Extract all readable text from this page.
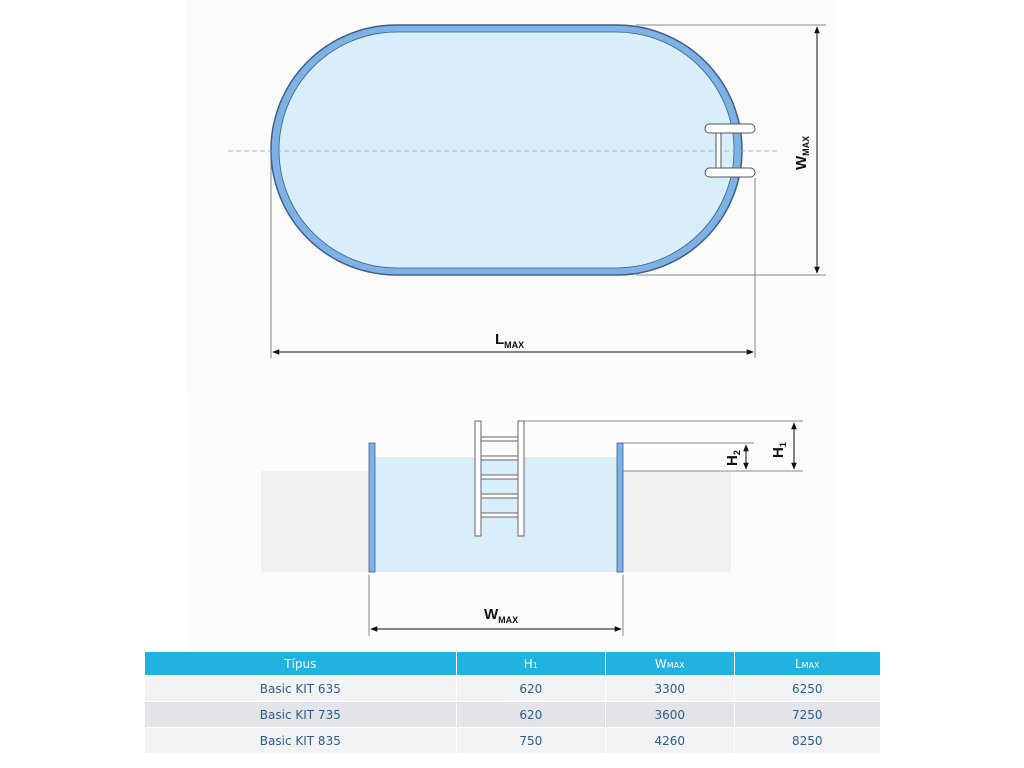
$W_{MAX}$
$L_{MAX}$
$H_1$
$H_2$
$W_{MAX}$
Típus	H1	WMAX	LMAX
Basic KIT 635	620	3300	6250
Basic KIT 735	620	3600	7250
Basic KIT 835	750	4260	8250
